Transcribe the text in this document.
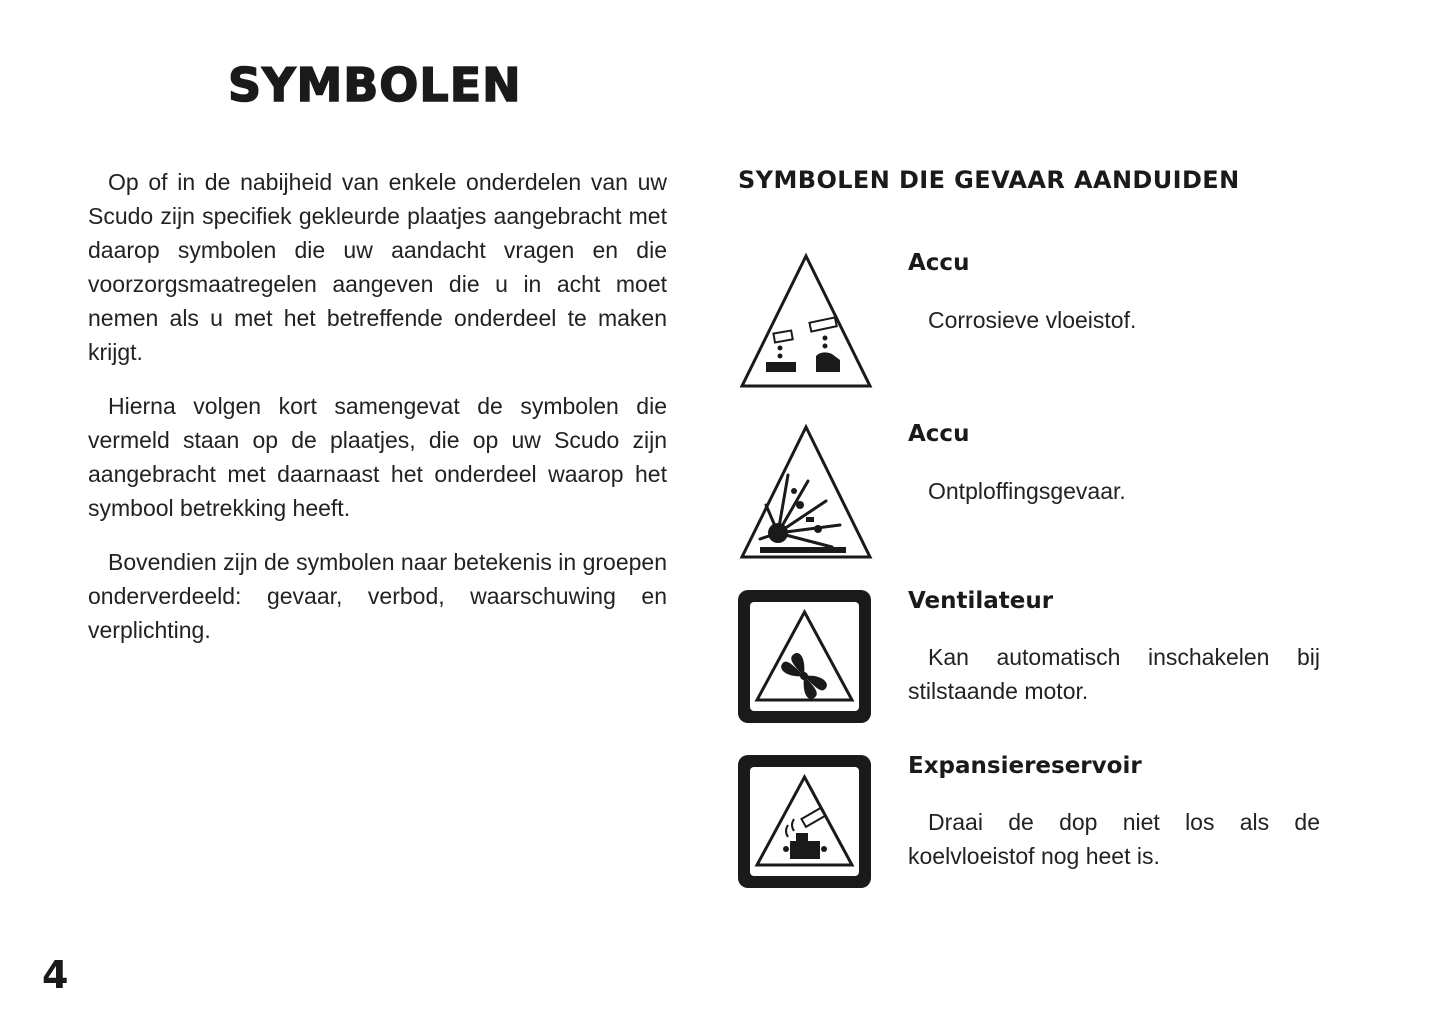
SYMBOLEN

Op of in de nabijheid van enkele onderdelen van uw Scudo zijn specifiek gekleurde plaatjes aangebracht met daarop symbolen die uw aandacht vragen en die voorzorgsmaatregelen aangeven die u in acht moet nemen als u met het betreffende onderdeel te maken krijgt.

Hierna volgen kort samengevat de symbolen die vermeld staan op de plaatjes, die op uw Scudo zijn aangebracht met daarnaast het onderdeel waarop het symbool betrekking heeft.

Bovendien zijn de symbolen naar betekenis in groepen onderverdeeld: gevaar, verbod, waarschuwing en verplichting.

SYMBOLEN DIE GEVAAR AANDUIDEN
Accu

Corrosieve vloeistof.

Accu

Ontploffingsgevaar.

Ventilateur

Kan automatisch inschakelen bij stilstaande motor.

Expansiereservoir

Draai de dop niet los als de koelvloeistof nog heet is.

4
